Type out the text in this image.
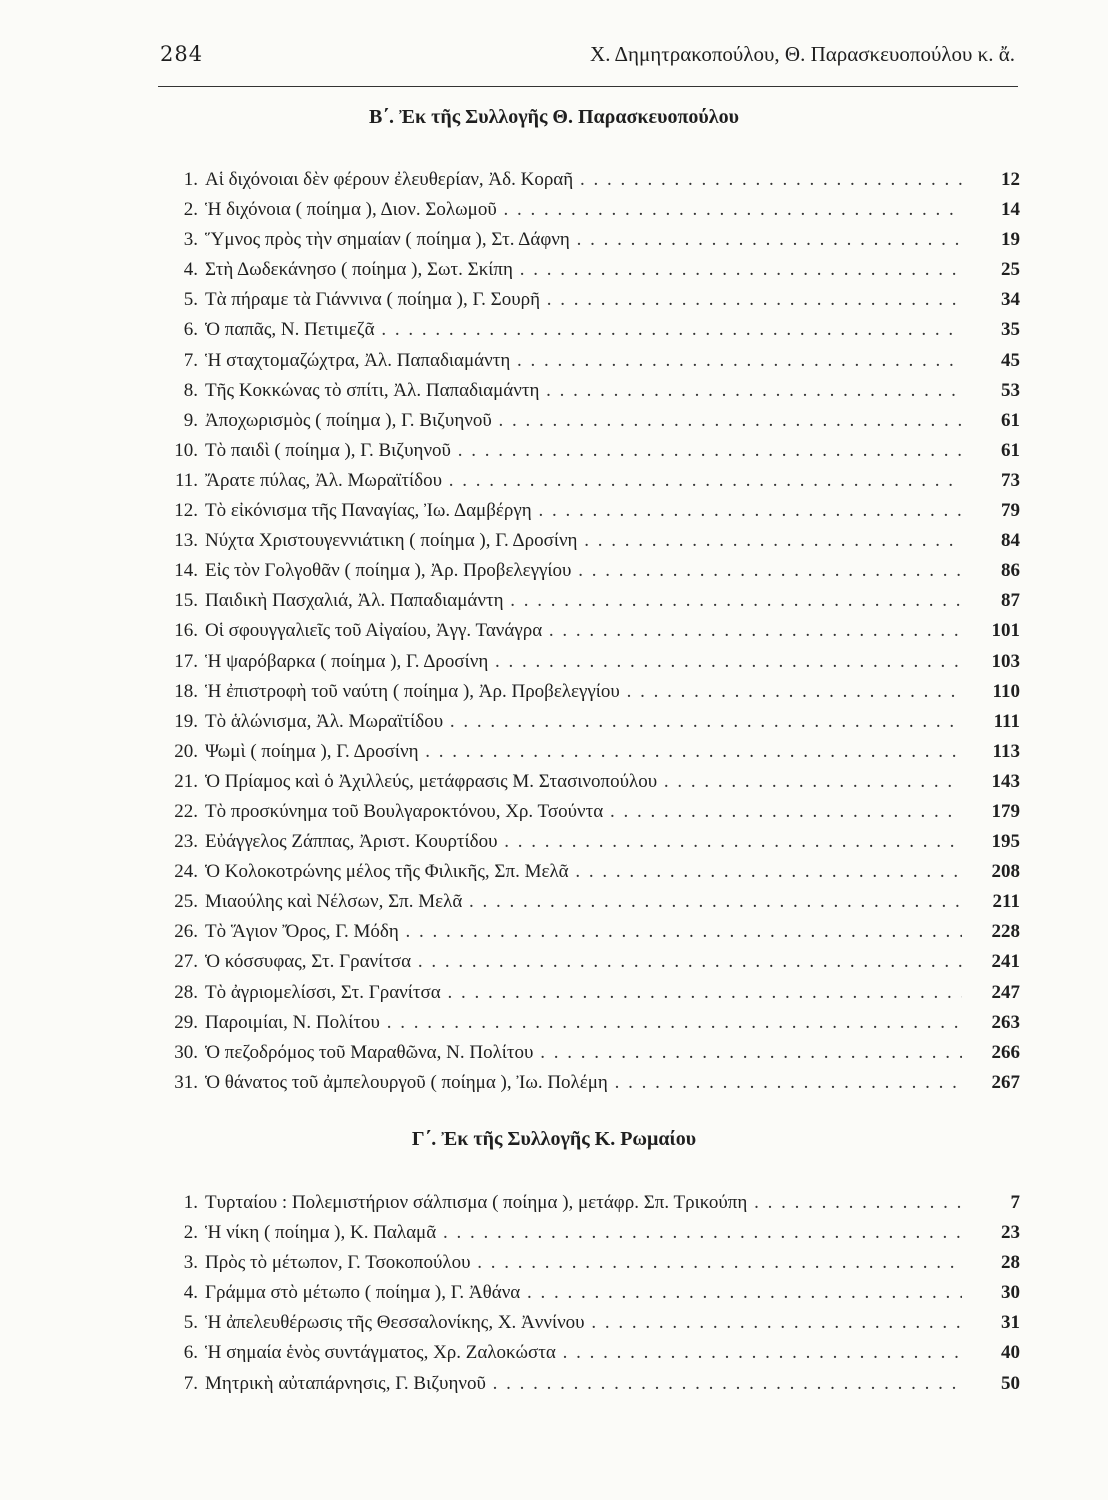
284	Χ. Δημητρακοπούλου, Θ. Παρασκευοπούλου κ. ἄ.
Β΄. Ἐκ τῆς Συλλογῆς Θ. Παρασκευοπούλου
1. Αἱ διχόνοιαι δὲν φέρουν ἐλευθερίαν, Ἀδ. Κοραῆ . . .	12
2. Ἡ διχόνοια ( ποίημα ), Διον. Σολωμοῦ . . .	14
3. Ὕμνος πρὸς τὴν σημαίαν ( ποίημα ), Στ. Δάφνη . . .	19
4. Στὴ Δωδεκάνησο ( ποίημα ), Σωτ. Σκίπη . . .	25
5. Τὰ πήραμε τὰ Γιάννινα ( ποίημα ), Γ. Σουρῆ . . .	34
6. Ὁ παπᾶς, Ν. Πετιμεζᾶ . . .	35
7. Ἡ σταχτομαζώχτρα, Ἀλ. Παπαδιαμάντη . . .	45
8. Τῆς Κοκκώνας τὸ σπίτι, Ἀλ. Παπαδιαμάντη . . .	53
9. Ἀποχωρισμὸς ( ποίημα ), Γ. Βιζυηνοῦ . . .	61
10. Τὸ παιδὶ ( ποίημα ), Γ. Βιζυηνοῦ . . .	61
11. Ἄρατε πύλας, Ἀλ. Μωραϊτίδου . . .	73
12. Τὸ εἰκόνισμα τῆς Παναγίας, Ἰω. Δαμβέργη . . .	79
13. Νύχτα Χριστουγεννιάτικη ( ποίημα ), Γ. Δροσίνη . . .	84
14. Εἰς τὸν Γολγοθᾶν ( ποίημα ), Ἀρ. Προβελεγγίου . . .	86
15. Παιδικὴ Πασχαλιά, Ἀλ. Παπαδιαμάντη . . .	87
16. Οἱ σφουγγαλιεῖς τοῦ Αἰγαίου, Ἀγγ. Τανάγρα . . .	101
17. Ἡ ψαρόβαρκα ( ποίημα ), Γ. Δροσίνη . . .	103
18. Ἡ ἐπιστροφὴ τοῦ ναύτη ( ποίημα ), Ἀρ. Προβελεγγίου . . .	110
19. Τὸ ἁλώνισμα, Ἀλ. Μωραϊτίδου . . .	111
20. Ψωμὶ ( ποίημα ), Γ. Δροσίνη . . .	113
21. Ὁ Πρίαμος καὶ ὁ Ἀχιλλεύς, μετάφρασις Μ. Στασινοπούλου . . .	143
22. Τὸ προσκύνημα τοῦ Βουλγαροκτόνου, Χρ. Τσούντα . . .	179
23. Εὐάγγελος Ζάππας, Ἀριστ. Κουρτίδου . . .	195
24. Ὁ Κολοκοτρώνης μέλος τῆς Φιλικῆς, Σπ. Μελᾶ . . .	208
25. Μιαούλης καὶ Νέλσων, Σπ. Μελᾶ . . .	211
26. Τὸ Ἅγιον Ὄρος, Γ. Μόδη . . .	228
27. Ὁ κόσσυφας, Στ. Γρανίτσα . . .	241
28. Τὸ ἀγριομελίσσι, Στ. Γρανίτσα . . .	247
29. Παροιμίαι, Ν. Πολίτου . . .	263
30. Ὁ πεζοδρόμος τοῦ Μαραθῶνα, Ν. Πολίτου . . .	266
31. Ὁ θάνατος τοῦ ἀμπελουργοῦ ( ποίημα ), Ἰω. Πολέμη . . .	267
Γ΄. Ἐκ τῆς Συλλογῆς Κ. Ρωμαίου
1. Τυρταίου : Πολεμιστήριον σάλπισμα ( ποίημα ), μετάφρ. Σπ. Τρικούπη . . .	7
2. Ἡ νίκη ( ποίημα ), Κ. Παλαμᾶ . . .	23
3. Πρὸς τὸ μέτωπον, Γ. Τσοκοπούλου . . .	28
4. Γράμμα στὸ μέτωπο ( ποίημα ), Γ. Ἀθάνα . . .	30
5. Ἡ ἀπελευθέρωσις τῆς Θεσσαλονίκης, Χ. Ἀννίνου . . .	31
6. Ἡ σημαία ἑνὸς συντάγματος, Χρ. Ζαλοκώστα . . .	40
7. Μητρικὴ αὐταπάρνησις, Γ. Βιζυηνοῦ . . .	50
